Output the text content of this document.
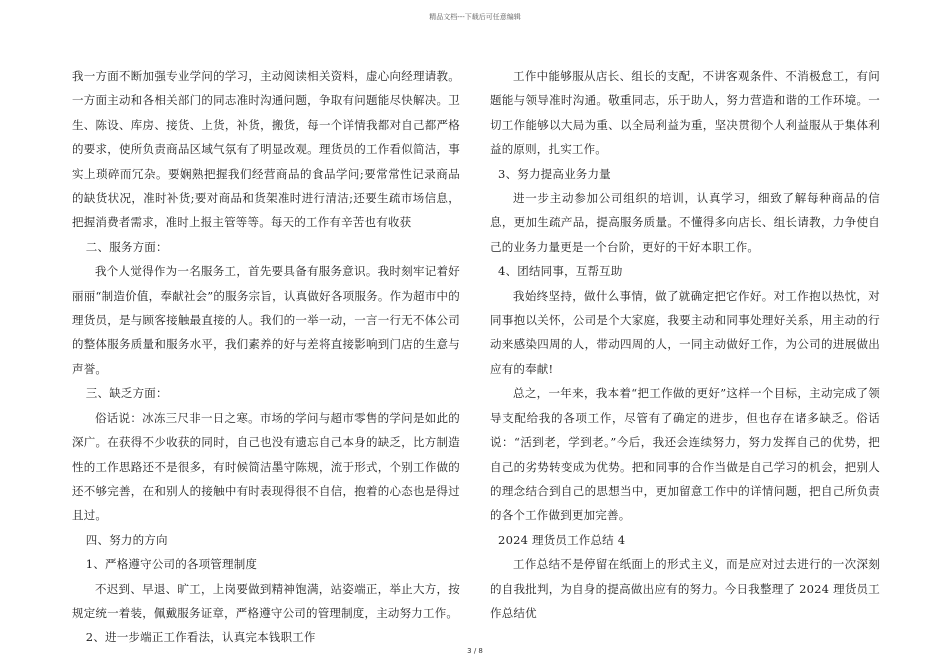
精品文档---下载后可任意编辑

我一方面不断加强专业学问的学习，主动阅读相关资料，虚心向经理请教。一方面主动和各相关部门的同志准时沟通问题，争取有问题能尽快解决。卫生、陈设、库房、接货、上货，补货，搬货，每一个详情我都对自己都严格的要求，使所负责商品区域气氛有了明显改观。理货员的工作看似简洁，事实上琐碎而冗杂。要娴熟把握我们经营商品的食品学问;要常常性记录商品的缺货状况，准时补货;要对商品和货架准时进行清洁;还要生疏市场信息，把握消费者需求，准时上报主管等等。每天的工作有辛苦也有收获

二、服务方面：

我个人觉得作为一名服务工，首先要具备有服务意识。我时刻牢记着好丽丽“制造价值，奉献社会”的服务宗旨，认真做好各项服务。作为超市中的理货员，是与顾客接触最直接的人。我们的一举一动，一言一行无不体公司的整体服务质量和服务水平，我们素养的好与差将直接影响到门店的生意与声誉。

三、缺乏方面：

俗话说：冰冻三尺非一日之寒。市场的学问与超市零售的学问是如此的深广。在获得不少收获的同时，自己也没有遗忘自己本身的缺乏，比方制造性的工作思路还不是很多，有时候简洁墨守陈规，流于形式，个别工作做的还不够完善，在和别人的接触中有时表现得很不自信，抱着的心态也是得过且过。

四、努力的方向

1、严格遵守公司的各项管理制度

不迟到、早退、旷工，上岗要做到精神饱满，站姿端正，举止大方，按规定统一着装，佩戴服务证章，严格遵守公司的管理制度，主动努力工作。

2、进一步端正工作看法，认真完本钱职工作

工作中能够服从店长、组长的支配，不讲客观条件、不消极怠工，有问题能与领导准时沟通。敬重同志，乐于助人，努力营造和谐的工作环境。一切工作能够以大局为重、以全局利益为重，坚决贯彻个人利益服从于集体利益的原则，扎实工作。

3、努力提高业务力量

进一步主动参加公司组织的培训，认真学习，细致了解每种商品的信息，更加生疏产品，提高服务质量。不懂得多向店长、组长请教，力争使自己的业务力量更是一个台阶，更好的干好本职工作。

4、团结同事，互帮互助

我始终坚持，做什么事情，做了就确定把它作好。对工作抱以热忱，对同事抱以关怀，公司是个大家庭，我要主动和同事处理好关系，用主动的行动来感染四周的人，带动四周的人，一同主动做好工作，为公司的进展做出应有的奉献!

总之，一年来，我本着“把工作做的更好”这样一个目标，主动完成了领导支配给我的各项工作，尽管有了确定的进步，但也存在诸多缺乏。俗话说：“活到老，学到老。”今后，我还会连续努力，努力发挥自己的优势，把自己的劣势转变成为优势。把和同事的合作当做是自己学习的机会，把别人的理念结合到自己的思想当中，更加留意工作中的详情问题，把自己所负责的各个工作做到更加完善。

2024 理货员工作总结 4

工作总结不是停留在纸面上的形式主义，而是应对过去进行的一次深刻的自我批判，为自身的提高做出应有的努力。今日我整理了 2024 理货员工作总结优

3 / 8
